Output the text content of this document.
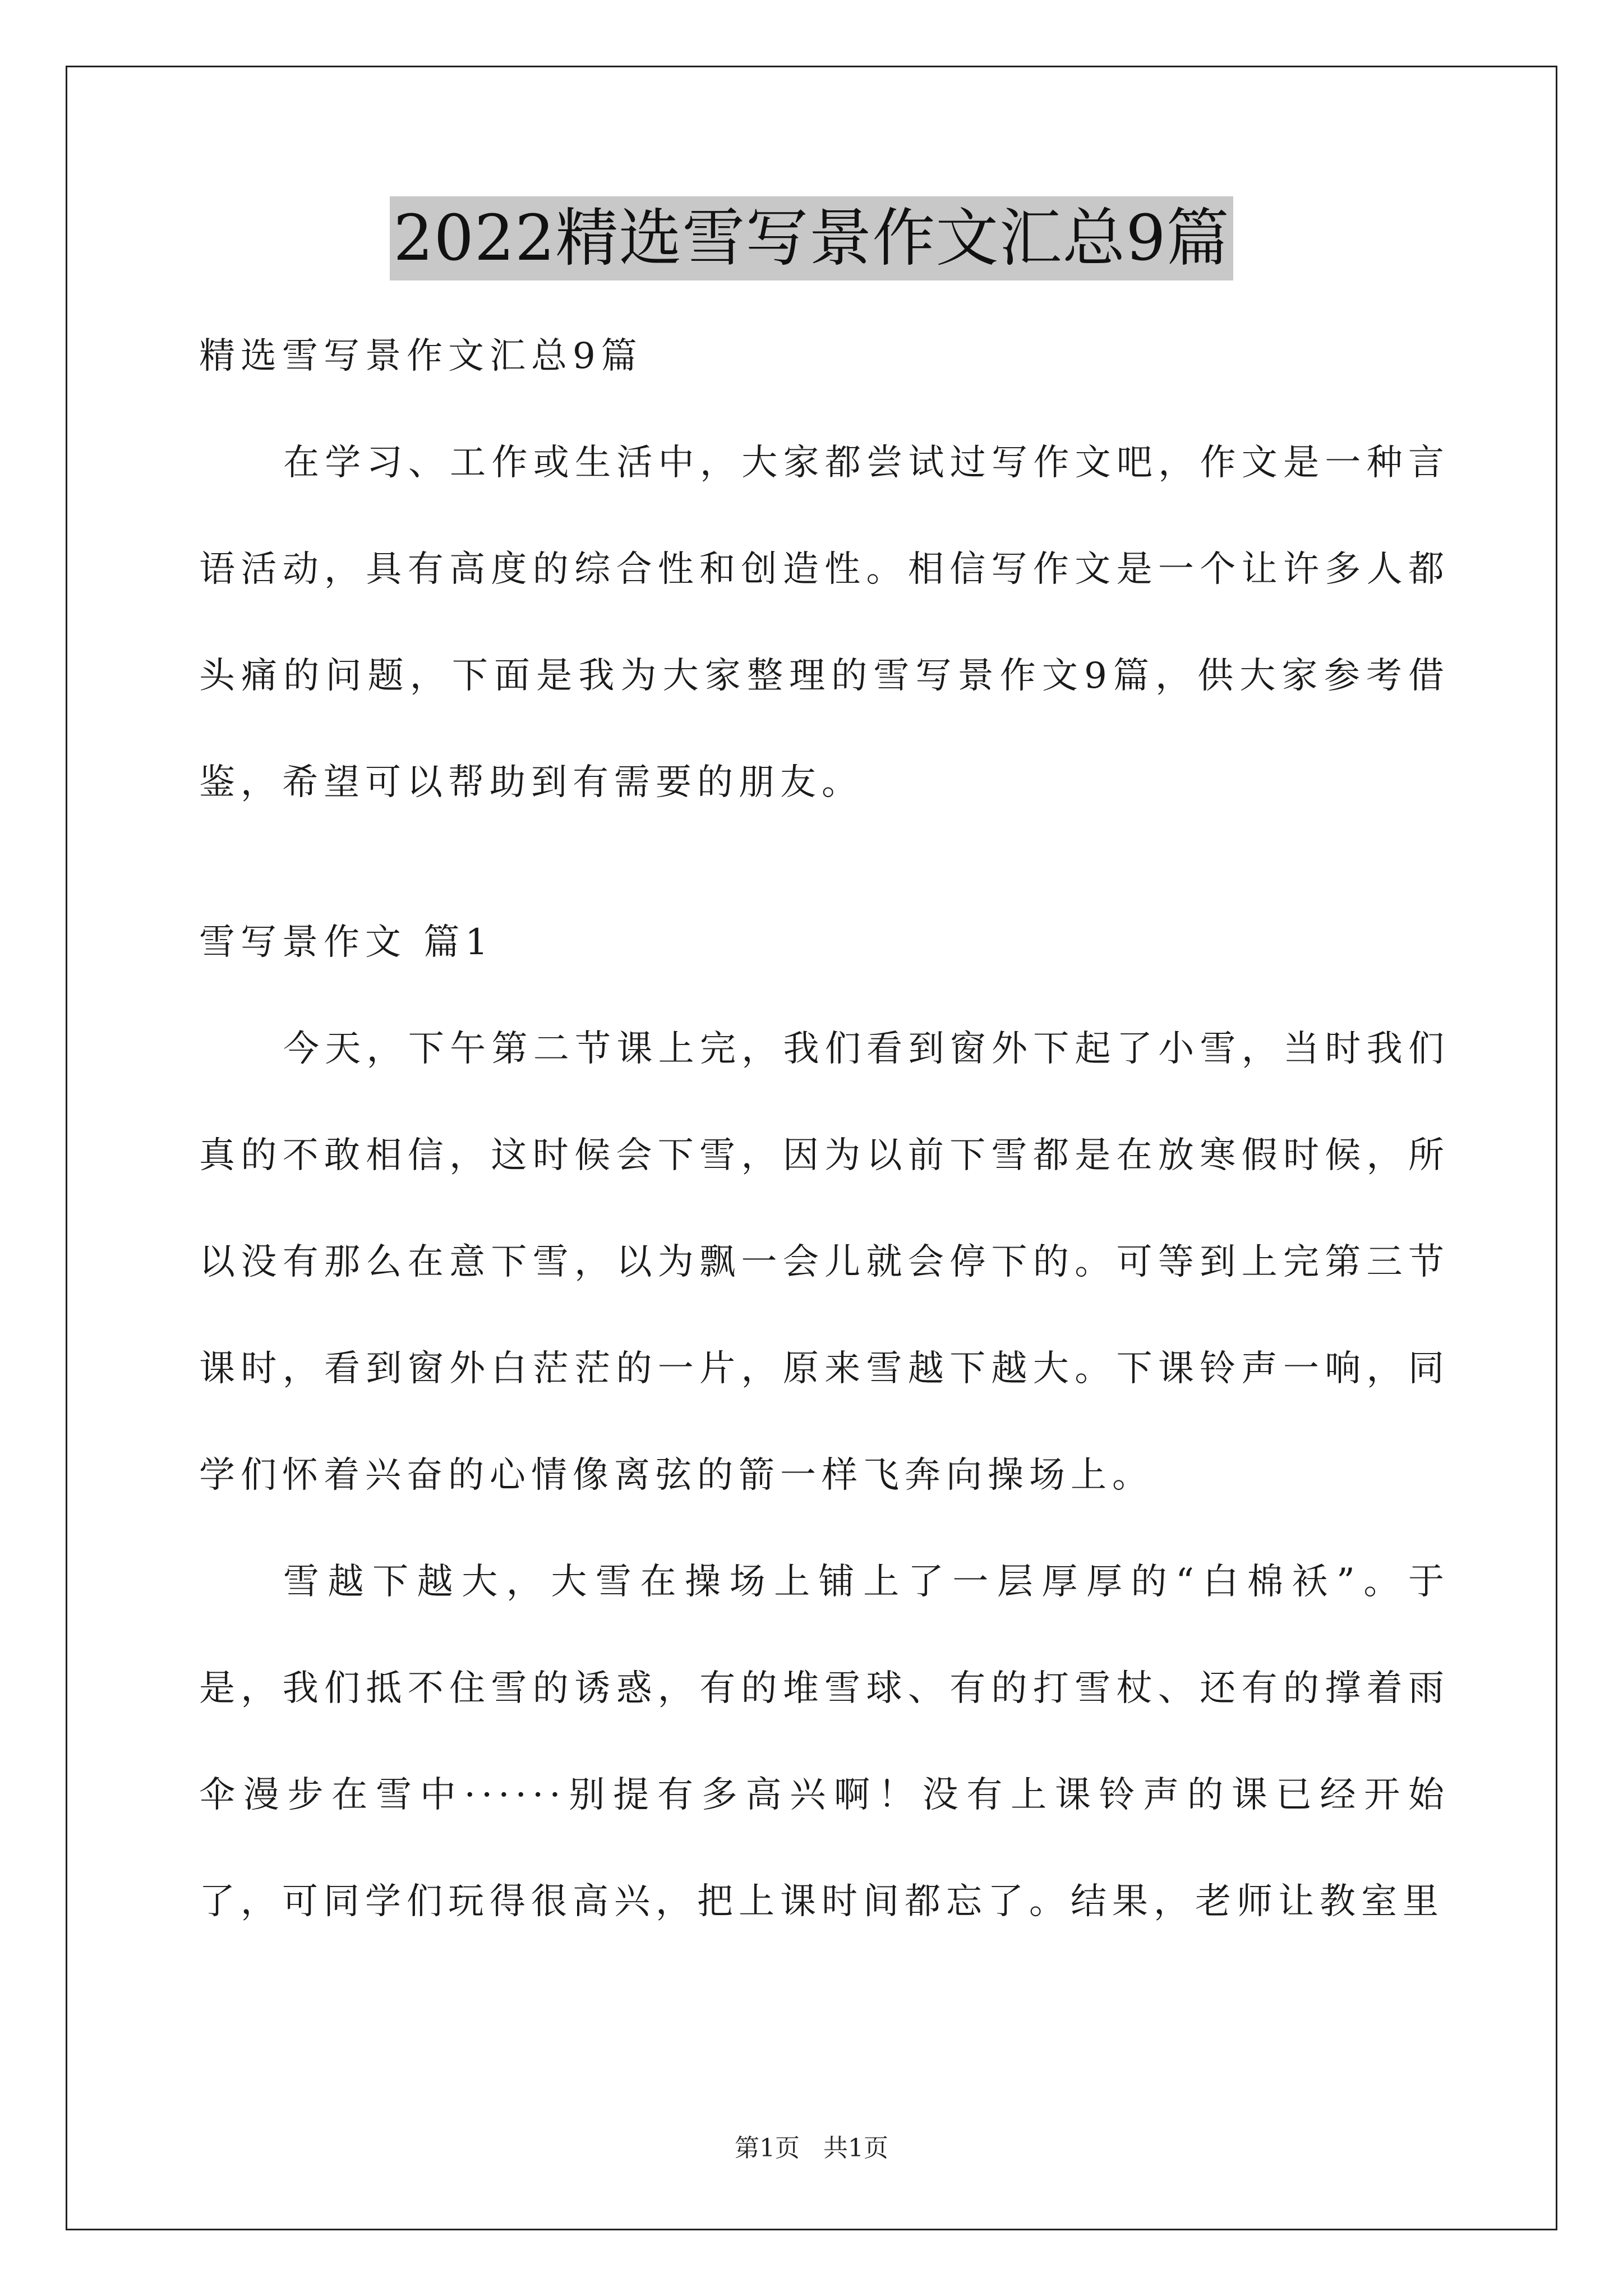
2022精选雪写景作文汇总9篇

精选雪写景作文汇总9篇

在学习、工作或生活中，大家都尝试过写作文吧，作文是一种言语活动，具有高度的综合性和创造性。相信写作文是一个让许多人都头痛的问题，下面是我为大家整理的雪写景作文9篇，供大家参考借鉴，希望可以帮助到有需要的朋友。

雪写景作文 篇1

今天，下午第二节课上完，我们看到窗外下起了小雪，当时我们真的不敢相信，这时候会下雪，因为以前下雪都是在放寒假时候，所以没有那么在意下雪，以为飘一会儿就会停下的。可等到上完第三节课时，看到窗外白茫茫的一片，原来雪越下越大。下课铃声一响，同学们怀着兴奋的心情像离弦的箭一样飞奔向操场上。

雪越下越大，大雪在操场上铺上了一层厚厚的“白棉袄”。于是，我们抵不住雪的诱惑，有的堆雪球、有的打雪杖、还有的撑着雨伞漫步在雪中······别提有多高兴啊！没有上课铃声的课已经开始了，可同学们玩得很高兴，把上课时间都忘了。结果，老师让教室里

第1页   共1页
